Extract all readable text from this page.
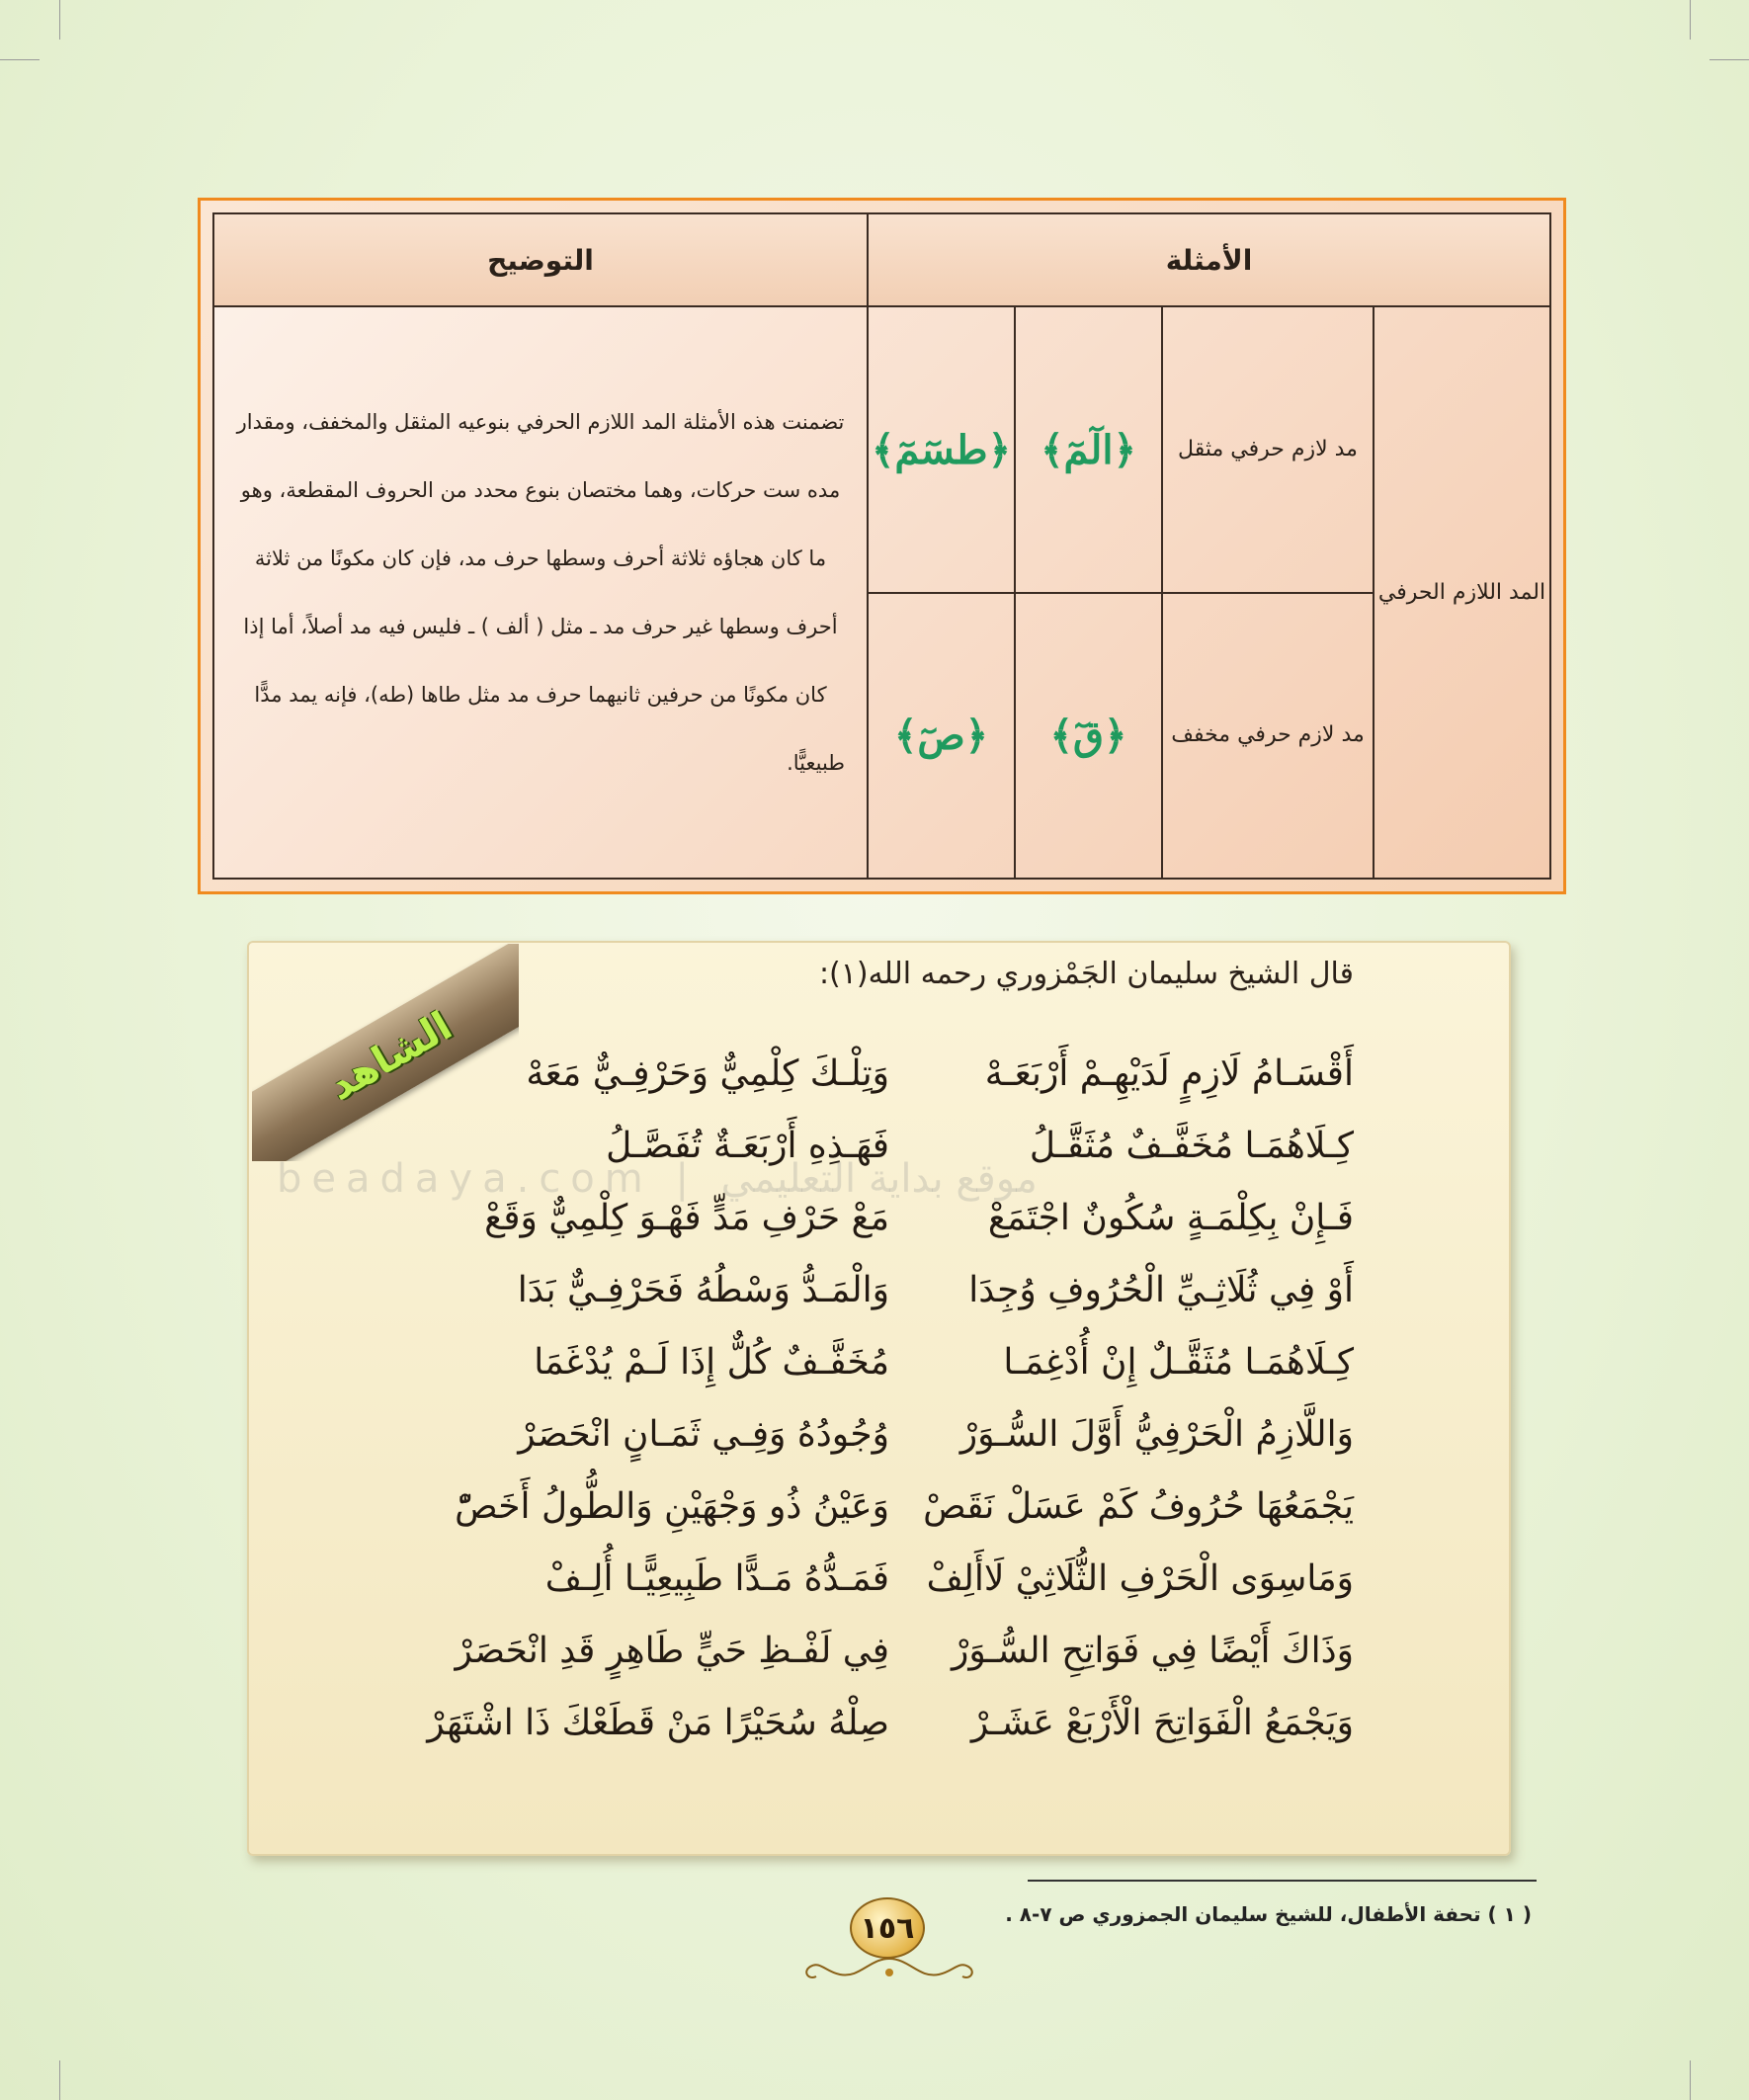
الأمثلة				التوضيح
المد اللازم الحرفي	مد لازم حرفي مثقل	﴿الٓمٓ﴾	﴿طسٓمٓ﴾	تضمنت هذه الأمثلة المد اللازم الحرفي بنوعيه المثقل والمخفف، ومقدار مده ست حركات، وهما مختصان بنوع محدد من الحروف المقطعة، وهو ما كان هجاؤه ثلاثة أحرف وسطها حرف مد، فإن كان مكونًا من ثلاثة أحرف وسطها غير حرف مد ـ مثل ( ألف ) ـ فليس فيه مد أصلاً، أما إذا كان مكونًا من حرفين ثانيهما حرف مد مثل طاها (طه)، فإنه يمد مدًّا طبيعيًّا.
	مد لازم حرفي مخفف	﴿قٓ﴾	﴿صٓ﴾	
beadaya.com | موقع بداية التعليمي
الشاهد
قال الشيخ سليمان الجَمْزوري رحمه الله(١):
أَقْسَـامُ لَازِمٍ لَدَيْهِـمْ أَرْبَعَـهْ
وَتِلْـكَ كِلْمِيٌّ وَحَرْفِـيٌّ مَعَهْ
كِـلَاهُمَـا مُخَفَّـفٌ مُثَقَّـلُ
فَهَـذِهِ أَرْبَعَـةٌ تُفَصَّـلُ
فَـإِنْ بِكِلْمَـةٍ سُكُونٌ اجْتَمَعْ
مَعْ حَرْفِ مَدٍّ فَهْـوَ كِلْمِيٌّ وَقَعْ
أَوْ فِي ثُلَاثِـيِّ الْحُرُوفِ وُجِدَا
وَالْمَـدُّ وَسْطُهُ فَحَرْفِـيٌّ بَدَا
كِـلَاهُمَـا مُثَقَّـلٌ إِنْ أُدْغِمَـا
مُخَفَّـفٌ كُلٌّ إِذَا لَـمْ يُدْغَمَا
وَاللَّازِمُ الْحَرْفِيُّ أَوَّلَ السُّـوَرْ
وُجُودُهُ وَفِـي ثَمَـانٍ انْحَصَرْ
يَجْمَعُهَا حُرُوفُ كَمْ عَسَلْ نَقَصْ
وَعَيْنُ ذُو وَجْهَيْنِ وَالطُّولُ أَخَصّْ
وَمَاسِوَى الْحَرْفِ الثُّلَاثِيْ لَاأَلِفْ
فَمَـدُّهُ مَـدًّا طَبِيعِيًّـا أُلِـفْ
وَذَاكَ أَيْضًا فِي فَوَاتِحِ السُّـوَرْ
فِي لَفْـظِ حَيٍّ طَاهِرٍ قَدِ انْحَصَرْ
وَيَجْمَعُ الْفَوَاتِحَ الْأَرْبَعْ عَشَـرْ
صِلْهُ سُحَيْرًا مَنْ قَطَعْكَ ذَا اشْتَهَرْ
( ١ ) تحفة الأطفال، للشيخ سليمان الجمزوري ص ٧-٨ .
١٥٦
